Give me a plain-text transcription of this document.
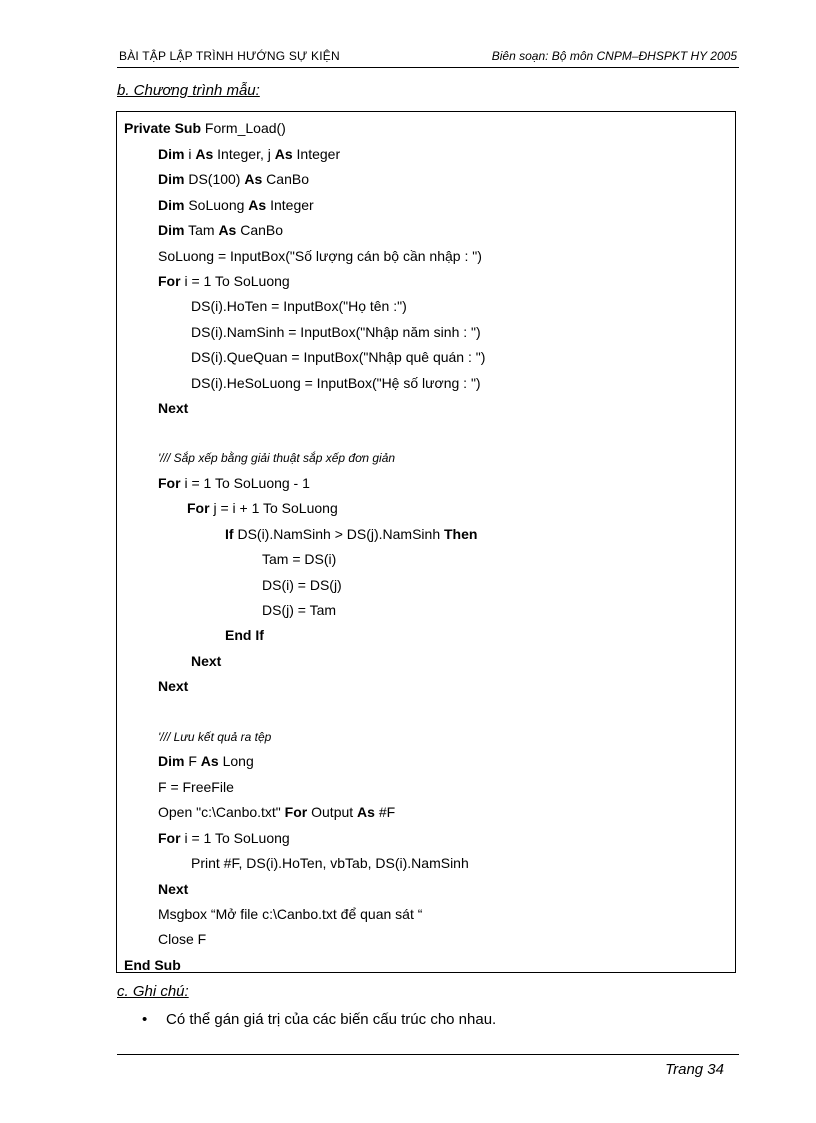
BÀI TẬP LẬP TRÌNH HƯỚNG SỰ KIỆN	Biên soạn: Bộ môn CNPM–ĐHSPKT HY 2005
b. Chương trình mẫu:
Private Sub Form_Load()
Dim i As Integer, j As Integer
Dim DS(100) As CanBo
Dim SoLuong As Integer
Dim Tam As CanBo
SoLuong = InputBox("Số lượng cán bộ cần nhập : ")
For i = 1 To SoLuong
DS(i).HoTen = InputBox("Họ tên :")
DS(i).NamSinh = InputBox("Nhập năm sinh : ")
DS(i).QueQuan = InputBox("Nhập quê quán : ")
DS(i).HeSoLuong = InputBox("Hệ số lương : ")
Next
'/// Sắp xếp bằng giải thuật sắp xếp đơn giản
For i = 1 To SoLuong - 1
For j = i + 1 To SoLuong
If DS(i).NamSinh > DS(j).NamSinh Then
Tam = DS(i)
DS(i) = DS(j)
DS(j) = Tam
End If
Next
Next
'/// Lưu kết quả ra tệp
Dim F As Long
F = FreeFile
Open "c:\Canbo.txt" For Output As #F
For i = 1 To SoLuong
Print #F, DS(i).HoTen, vbTab, DS(i).NamSinh
Next
Msgbox “Mở file c:\Canbo.txt để quan sát “
Close F
End Sub
c. Ghi chú:
• Có thể gán giá trị của các biến cấu trúc cho nhau.
Trang 34
